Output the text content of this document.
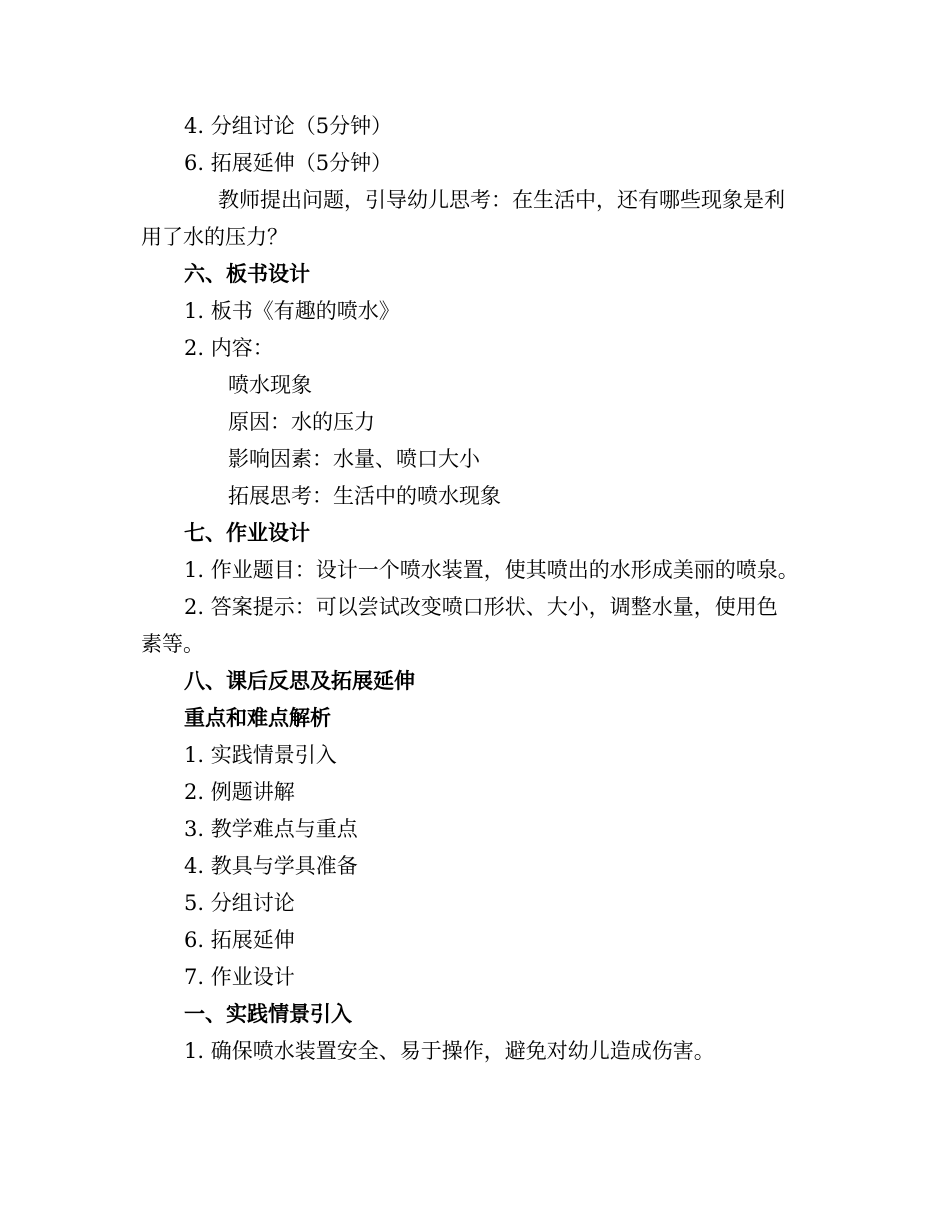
4. 分组讨论（5分钟）
6. 拓展延伸（5分钟）
教师提出问题，引导幼儿思考：在生活中，还有哪些现象是利
用了水的压力？
六、板书设计
1. 板书《有趣的喷水》
2. 内容：
喷水现象
原因：水的压力
影响因素：水量、喷口大小
拓展思考：生活中的喷水现象
七、作业设计
1. 作业题目：设计一个喷水装置，使其喷出的水形成美丽的喷泉。
2. 答案提示：可以尝试改变喷口形状、大小，调整水量，使用色
素等。
八、课后反思及拓展延伸
重点和难点解析
1. 实践情景引入
2. 例题讲解
3. 教学难点与重点
4. 教具与学具准备
5. 分组讨论
6. 拓展延伸
7. 作业设计
一、实践情景引入
1. 确保喷水装置安全、易于操作，避免对幼儿造成伤害。
